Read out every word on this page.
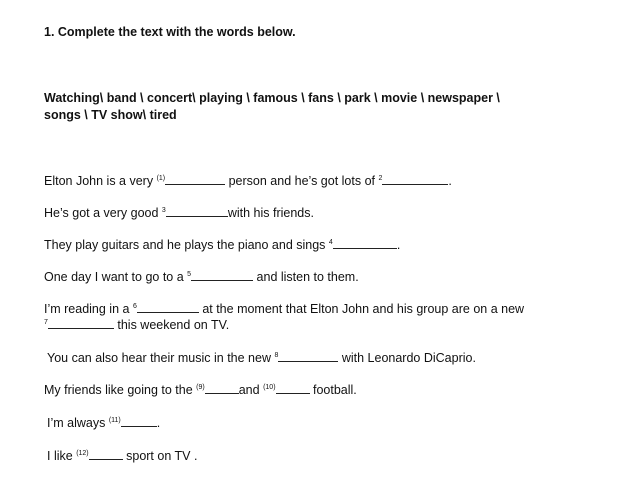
1. Complete the text with the words below.
Watching\ band \ concert\ playing \ famous \ fans \ park \ movie \ newspaper \
songs \ TV show\ tired
Elton John is a very $^{(1)}$	person and he’s got lots of $^2$	.
He’s got a very good $^3$	with his friends.
They play guitars and he plays the piano and sings $^4$	.
One day I want to go to a $^5$	and listen to them.
I’m reading in a $^6$	at the moment that Elton John and his group are on a new
$^7$	this weekend on TV.
You can also hear their music in the new $^8$	with Leonardo DiCaprio.
My friends like going to the $^{(9)}$	and $^{(10)}$	football.
I’m always $^{(11)}$	.
I like $^{(12)}$	sport on TV .
